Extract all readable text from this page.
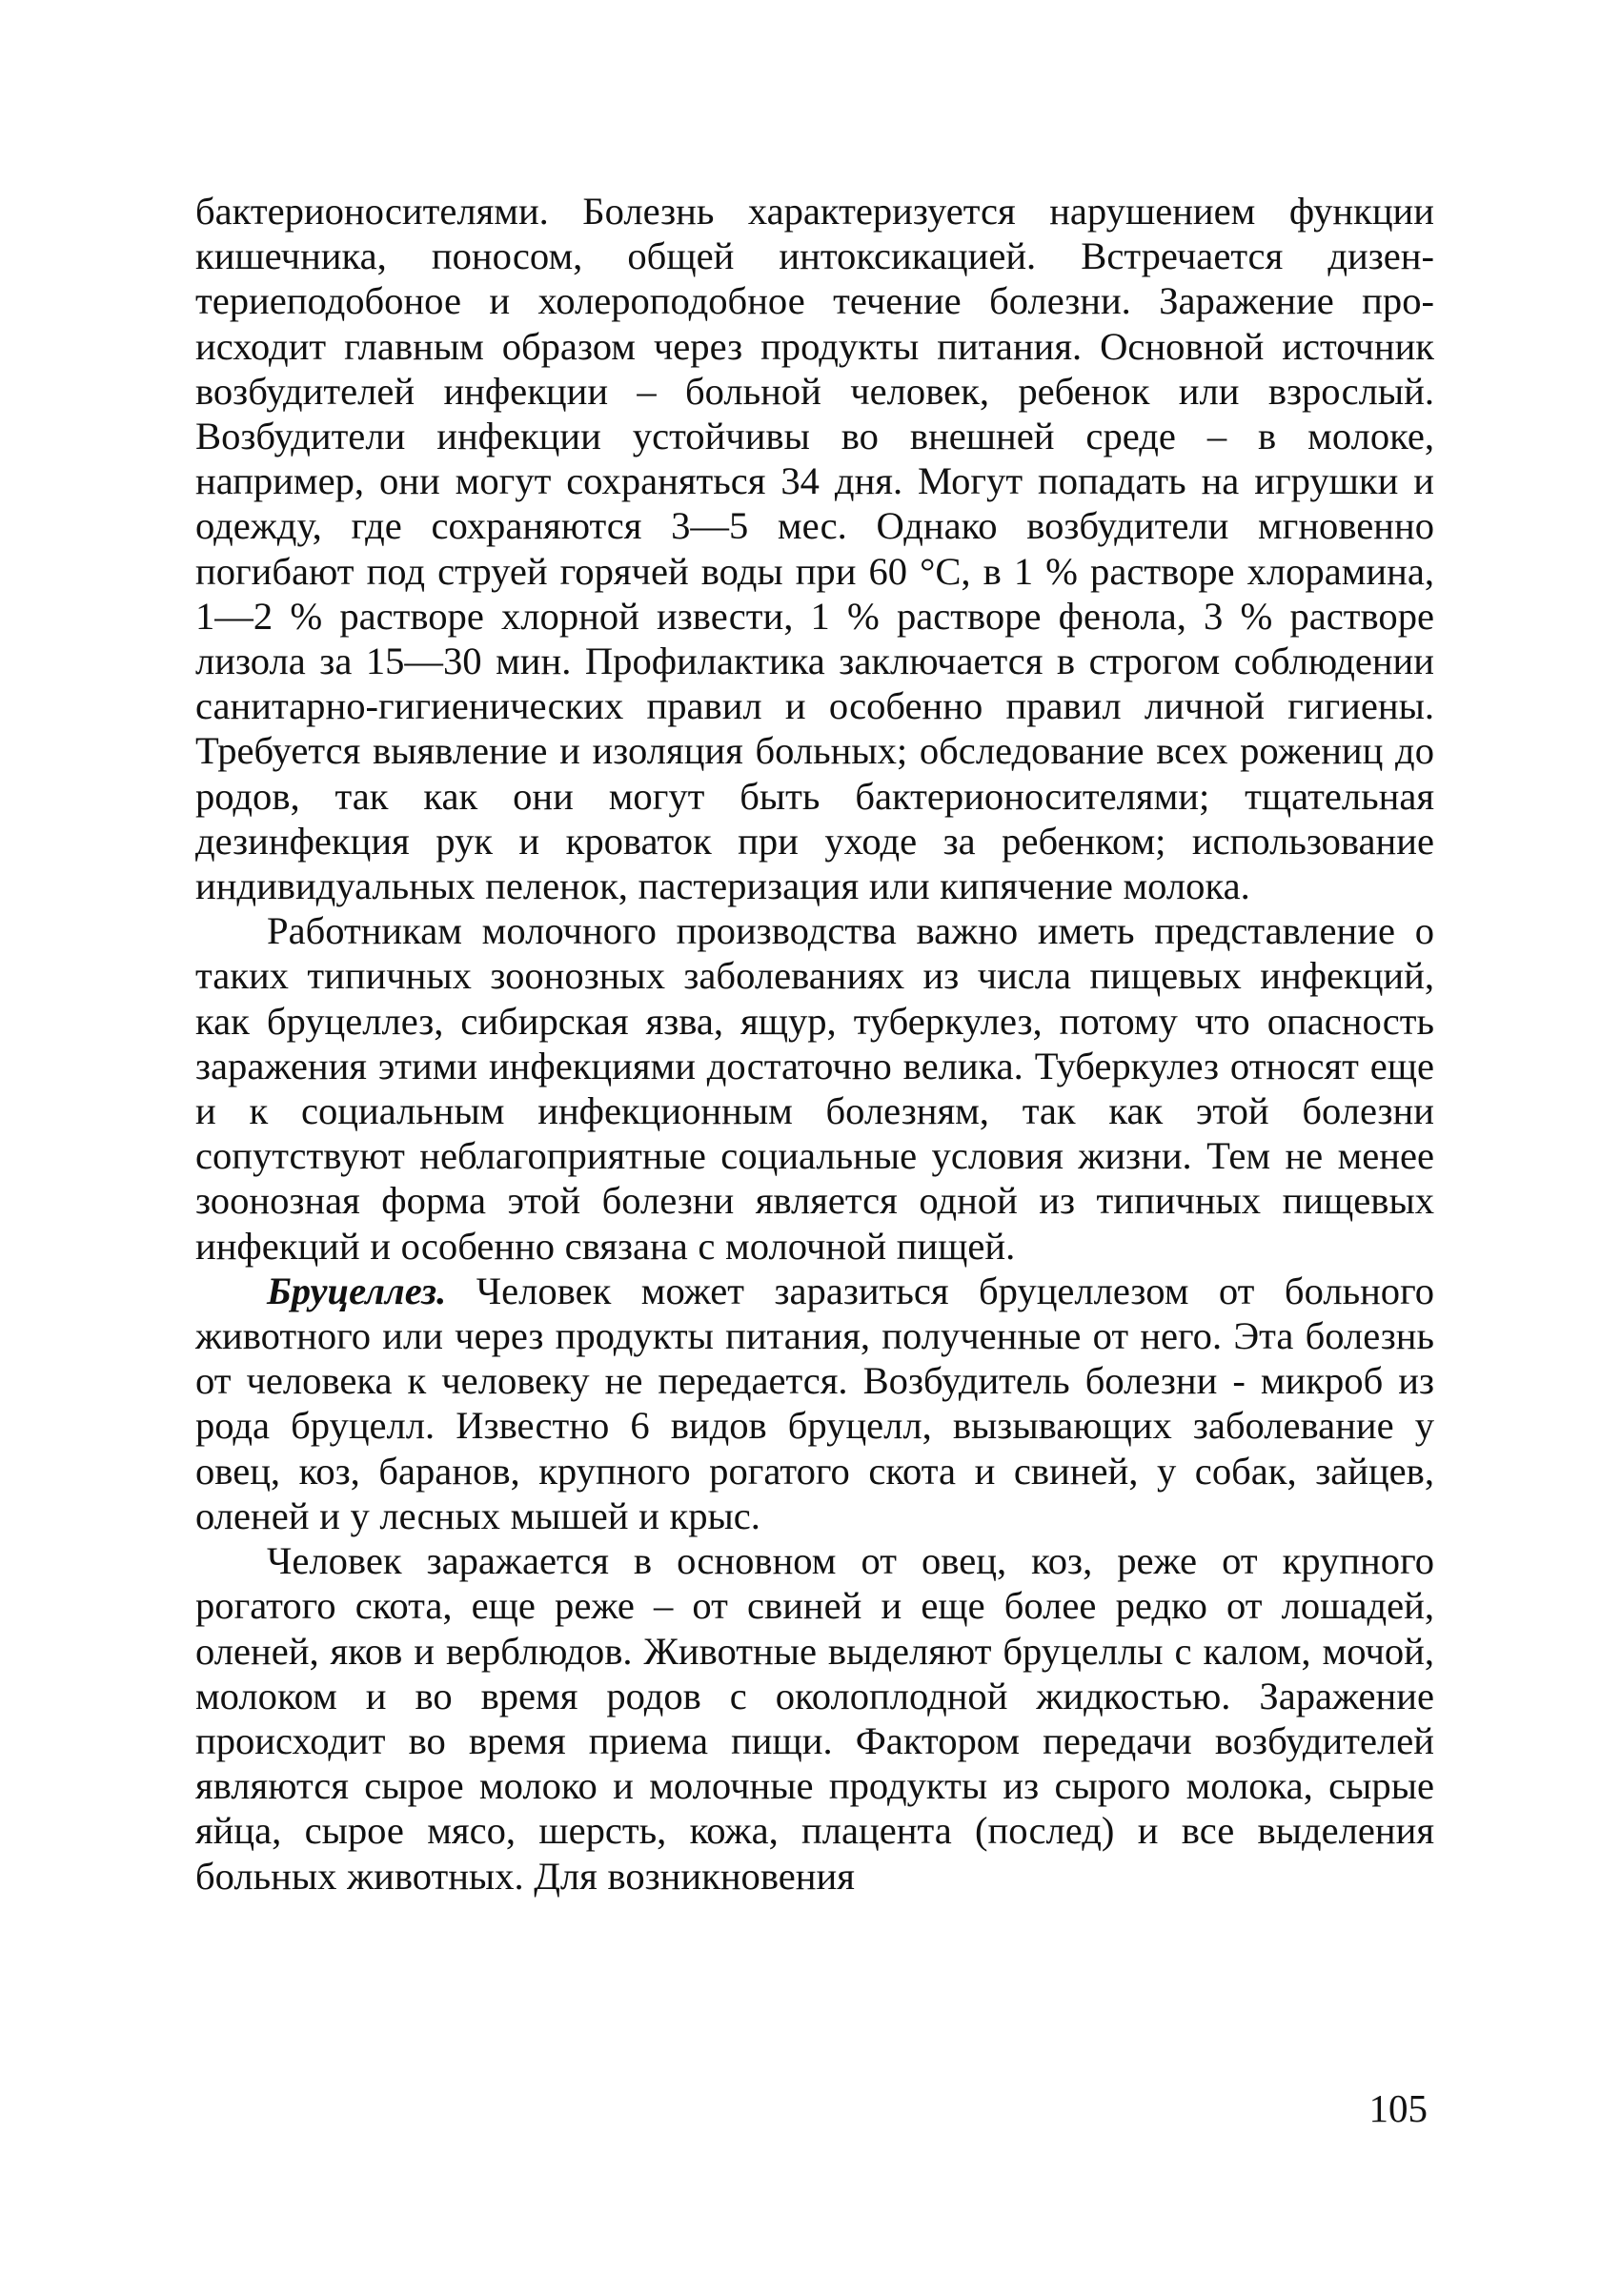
бактерионосителями. Болезнь характеризуется нарушением функции кишечника, поносом, общей интоксикацией. Встречается дизентериеподобоное и холероподобное течение болезни. Заражение происходит главным образом через продукты питания. Основной источник возбудителей инфекции – больной человек, ребенок или взрослый. Возбудители инфекции устойчивы во внешней среде – в молоке, например, они могут сохраняться 34 дня. Могут попадать на игрушки и одежду, где сохраняются 3—5 мес. Однако возбудители мгновенно погибают под струей горячей воды при 60 °С, в 1 % растворе хлорамина, 1—2 % растворе хлорной извести, 1 % растворе фенола, 3 % растворе лизола за 15—30 мин. Профилактика заключается в строгом соблюдении санитарно-гигиенических правил и особенно правил личной гигиены. Требуется выявление и изоляция больных; обследование всех рожениц до родов, так как они могут быть бактерионосителями; тщательная дезинфекция рук и кроваток при уходе за ребенком; использование индивидуальных пеленок, пастеризация или кипячение молока.

Работникам молочного производства важно иметь представление о таких типичных зоонозных заболеваниях из числа пищевых инфекций, как бруцеллез, сибирская язва, ящур, туберкулез, потому что опасность заражения этими инфекциями достаточно велика. Туберкулез относят еще и к социальным инфекционным болезням, так как этой болезни сопутствуют неблагоприятные социальные условия жизни. Тем не менее зоонозная форма этой болезни является одной из типичных пищевых инфекций и особенно связана с молочной пищей.

Бруцеллез. Человек может заразиться бруцеллезом от больного животного или через продукты питания, полученные от него. Эта болезнь от человека к человеку не передается. Возбудитель болезни - микроб из рода бруцелл. Известно 6 видов бруцелл, вызывающих заболевание у овец, коз, баранов, крупного рогатого скота и свиней, у собак, зайцев, оленей и у лесных мышей и крыс.

Человек заражается в основном от овец, коз, реже от крупного рогатого скота, еще реже – от свиней и еще более редко от лошадей, оленей, яков и верблюдов. Животные выделяют бруцеллы с калом, мочой, молоком и во время родов с околоплодной жидкостью. Заражение происходит во время приема пищи. Фактором передачи возбудителей являются сырое молоко и молочные продукты из сырого молока, сырые яйца, сырое мясо, шерсть, кожа, плацента (послед) и все выделения больных животных. Для возникновения

105
